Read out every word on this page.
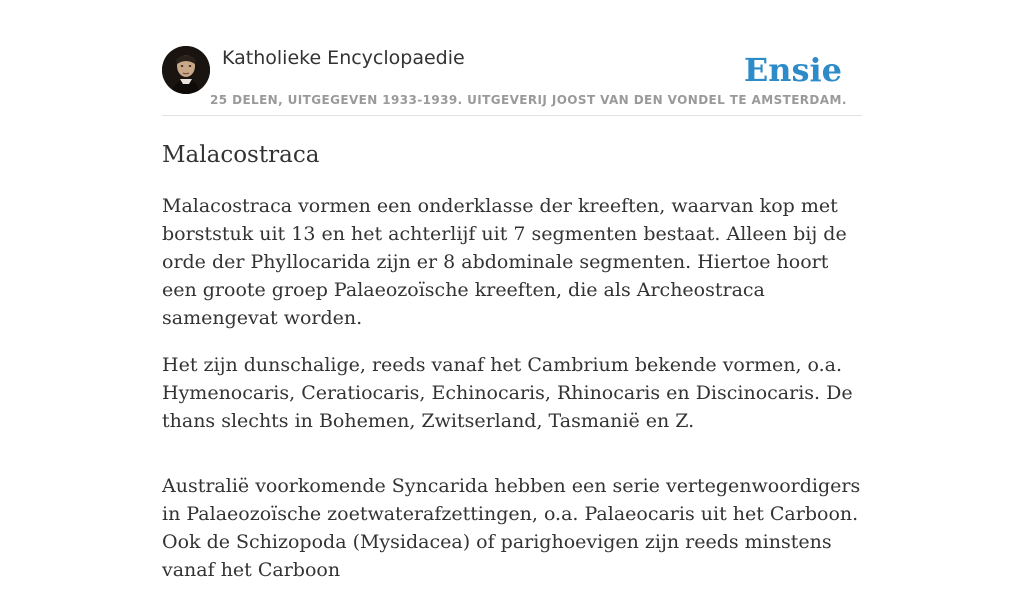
Katholieke Encyclopaedie
25 DELEN, UITGEGEVEN 1933-1939. UITGEVERIJ JOOST VAN DEN VONDEL TE AMSTERDAM.
Ensie
Malacostraca

Malacostraca vormen een onderklasse der kreeften, waarvan kop met borststuk uit 13 en het achterlijf uit 7 segmenten bestaat. Alleen bij de orde der Phyllocarida zijn er 8 abdominale segmenten. Hiertoe hoort een groote groep Palaeozoïsche kreeften, die als Archeostraca samengevat worden.

Het zijn dunschalige, reeds vanaf het Cambrium bekende vormen, o.a. Hymenocaris, Ceratiocaris, Echinocaris, Rhinocaris en Discinocaris. De thans slechts in Bohemen, Zwitserland, Tasmanië en Z.

Australië voorkomende Syncarida hebben een serie vertegenwoordigers in Palaeozoïsche zoetwaterafzettingen, o.a. Palaeocaris uit het Carboon. Ook de Schizopoda (Mysidacea) of parighoevigen zijn reeds minstens vanaf het Carboon
